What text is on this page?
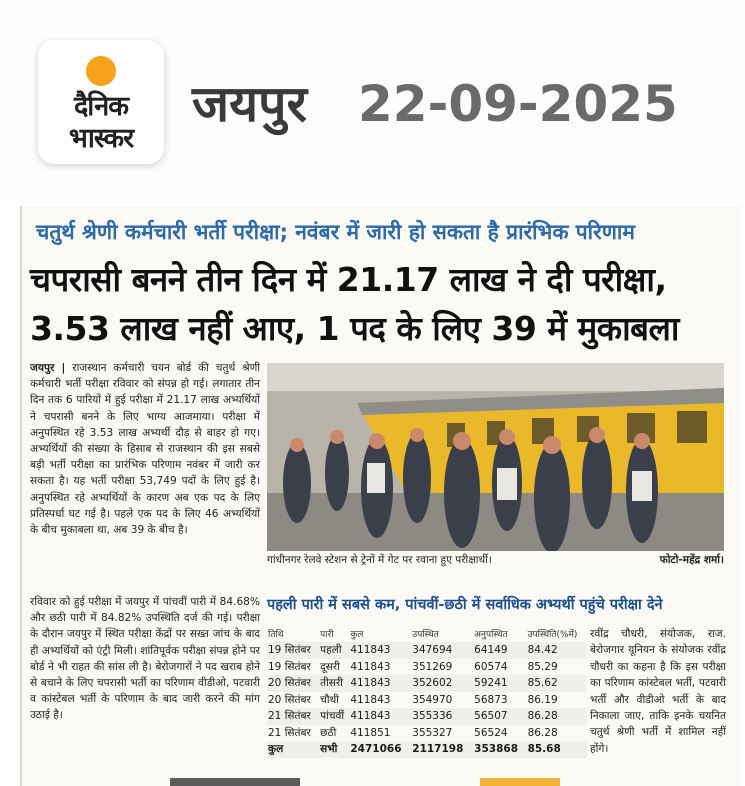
दैनिक
भास्कर
जयपुर 22-09-2025
चतुर्थ श्रेणी कर्मचारी भर्ती परीक्षा; नवंबर में जारी हो सकता है प्रारंभिक परिणाम
चपरासी बनने तीन दिन में 21.17 लाख ने दी परीक्षा,
3.53 लाख नहीं आए, 1 पद के लिए 39 में मुकाबला
जयपुर | राजस्थान कर्मचारी चयन बोर्ड की चतुर्थ श्रेणी कर्मचारी भर्ती परीक्षा रविवार को संपन्न हो गई। लगातार तीन दिन तक 6 पारियों में हुई परीक्षा में 21.17 लाख अभ्यर्थियों ने चपरासी बनने के लिए भाग्य आजमाया। परीक्षा में अनुपस्थित रहे 3.53 लाख अभ्यर्थी दौड़ से बाहर हो गए। अभ्यर्थियों की संख्या के हिसाब से राजस्थान की इस सबसे बड़ी भर्ती परीक्षा का प्रारंभिक परिणाम नवंबर में जारी कर सकता है। यह भर्ती परीक्षा 53,749 पदों के लिए हुई है। अनुपस्थित रहे अभ्यर्थियों के कारण अब एक पद के लिए प्रतिस्पर्धा घट गई है। पहले एक पद के लिए 46 अभ्यर्थियों के बीच मुकाबला था, अब 39 के बीच है।
रविवार को हुई परीक्षा में जयपुर में पांचवीं पारी में 84.68% और छठी पारी में 84.82% उपस्थिति दर्ज की गई। परीक्षा के दौरान जयपुर में स्थित परीक्षा केंद्रों पर सख्त जांच के बाद ही अभ्यर्थियों को एंट्री मिली। शांतिपूर्वक परीक्षा संपन्न होने पर बोर्ड ने भी राहत की सांस ली है। बेरोजगारों ने पद खराब होने से बचाने के लिए चपरासी भर्ती का परिणाम वीडीओ, पटवारी व कांस्टेबल भर्ती के परिणाम के बाद जारी करने की मांग उठाई है।
गांधीनगर रेलवे स्टेशन से ट्रेनों में गेट पर रवाना हुए परीक्षार्थी।	फोटो-महेंद्र शर्मा।
पहली पारी में सबसे कम, पांचवीं-छठी में सर्वाधिक अभ्यर्थी पहुंचे परीक्षा देने
तिथि	पारी	कुल	उपस्थित	अनुपस्थित	उपस्थिति(%में)
19 सितंबर	पहली	411843	347694	64149	84.42
19 सितंबर	दूसरी	411843	351269	60574	85.29
20 सितंबर	तीसरी	411843	352602	59241	85.62
20 सितंबर	चौथी	411843	354970	56873	86.19
21 सितंबर	पांचवीं	411843	355336	56507	86.28
21 सितंबर	छठी	411851	355327	56524	86.28
कुल	सभी	2471066	2117198	353868	85.68
रवींद्र चौधरी, संयोजक, राज. बेरोजगार यूनियन के संयोजक रवींद्र चौधरी का कहना है कि इस परीक्षा का परिणाम कांस्टेबल भर्ती, पटवारी भर्ती और वीडीओ भर्ती के बाद निकाला जाए, ताकि इनके चयनित चतुर्थ श्रेणी भर्ती में शामिल नहीं होंगे।
